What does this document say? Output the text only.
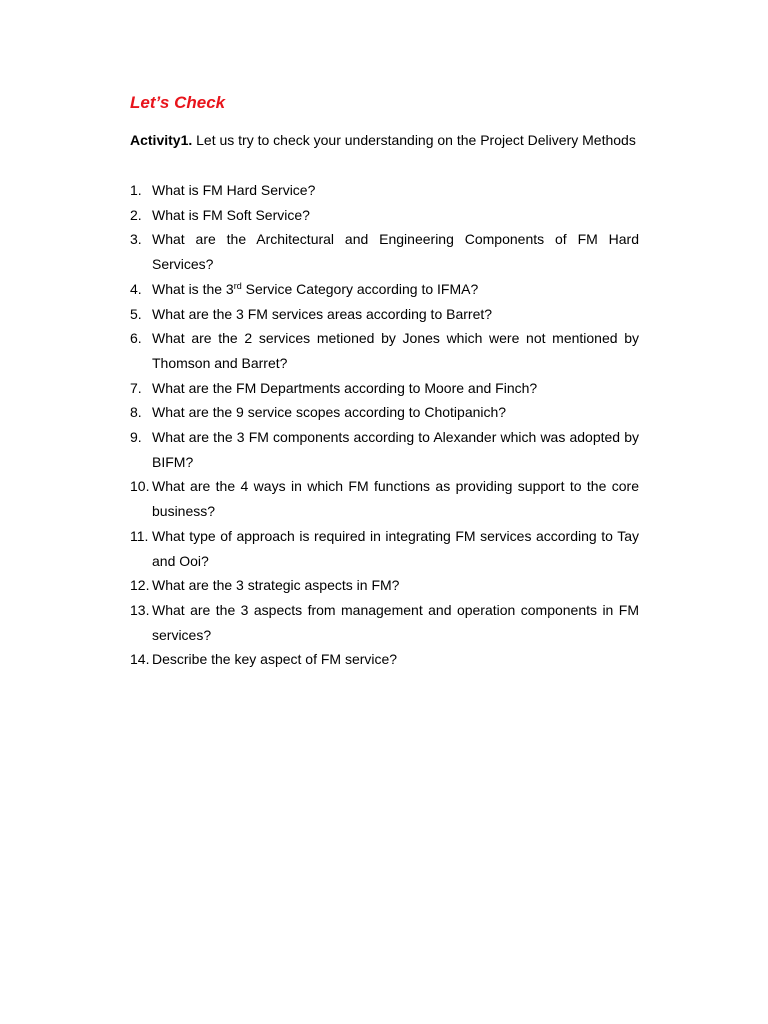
Let’s Check

Activity1. Let us try to check your understanding on the Project Delivery Methods

1. What is FM Hard Service?
2. What is FM Soft Service?
3. What are the Architectural and Engineering Components of FM Hard Services?
4. What is the 3rd Service Category according to IFMA?
5. What are the 3 FM services areas according to Barret?
6. What are the 2 services metioned by Jones which were not mentioned by Thomson and Barret?
7. What are the FM Departments according to Moore and Finch?
8. What are the 9 service scopes according to Chotipanich?
9. What are the 3 FM components according to Alexander which was adopted by BIFM?
10. What are the 4 ways in which FM functions as providing support to the core business?
11. What type of approach is required in integrating FM services according to Tay and Ooi?
12. What are the 3 strategic aspects in FM?
13. What are the 3 aspects from management and operation components in FM services?
14. Describe the key aspect of FM service?
